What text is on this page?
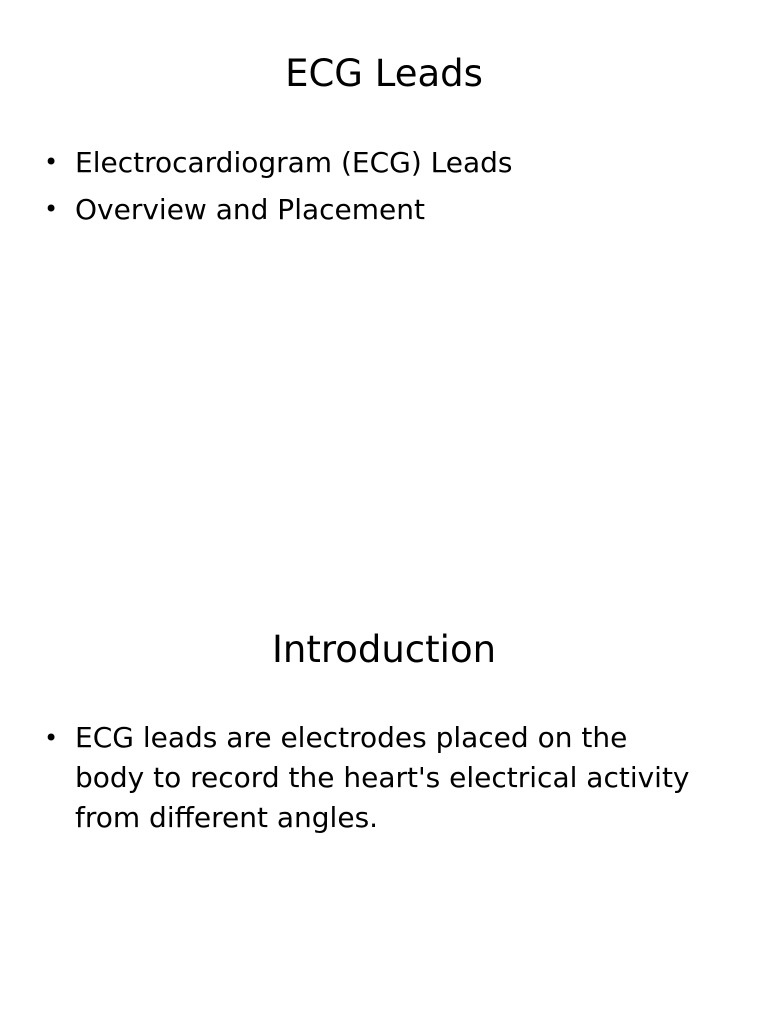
ECG Leads
• Electrocardiogram (ECG) Leads
• Overview and Placement
Introduction
• ECG leads are electrodes placed on the body to record the heart's electrical activity from different angles.
